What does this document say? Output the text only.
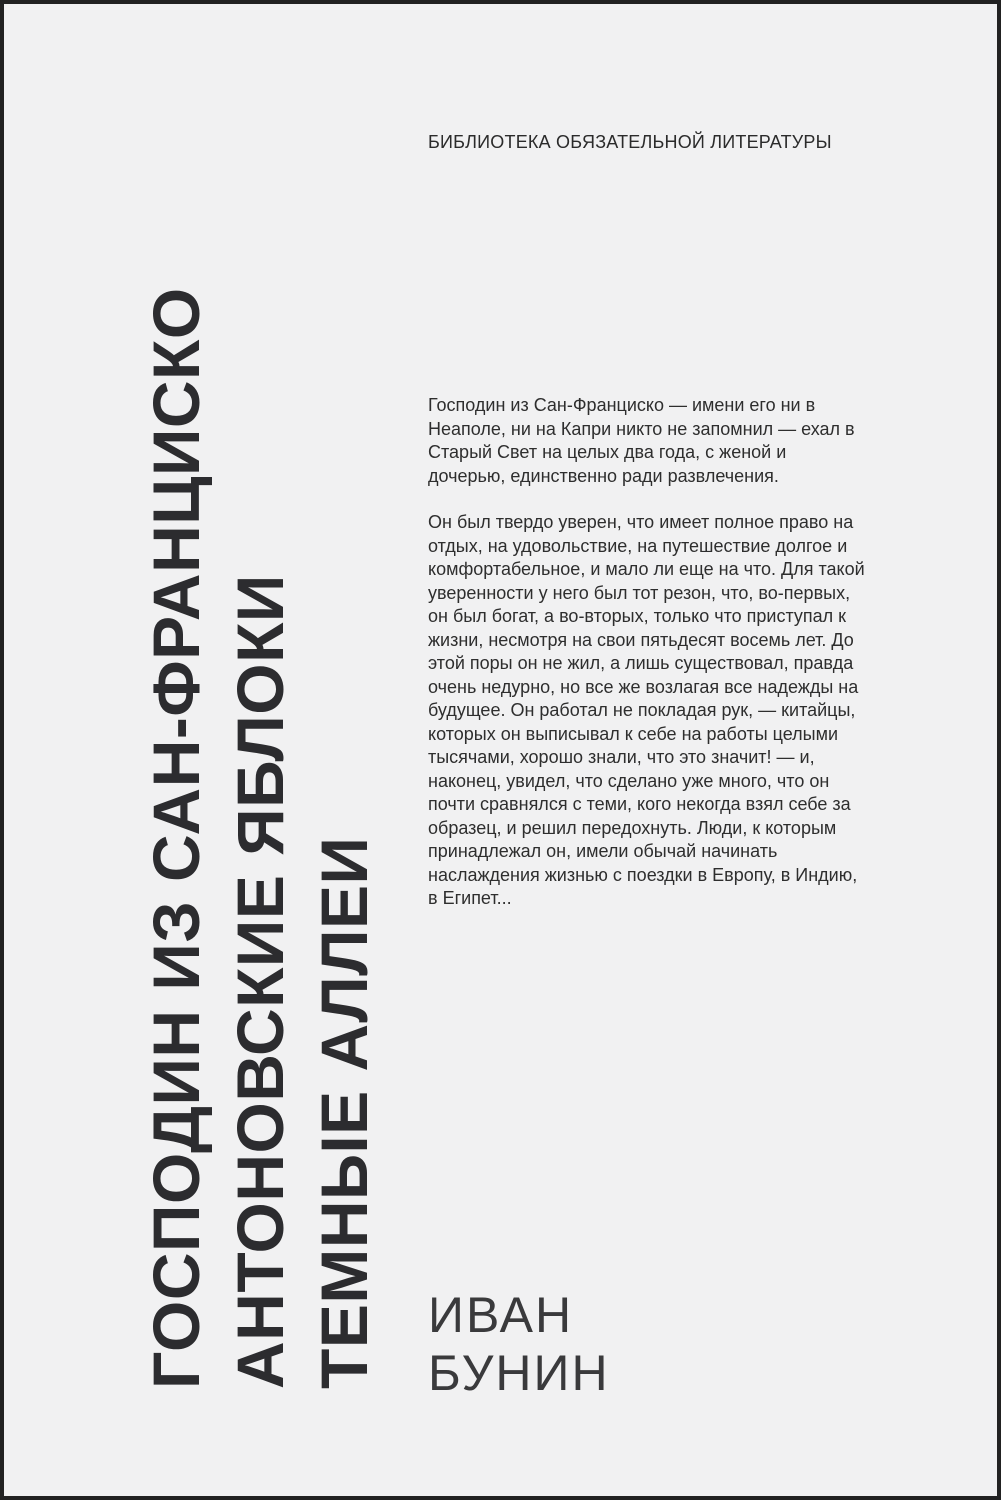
БИБЛИОТЕКА ОБЯЗАТЕЛЬНОЙ ЛИТЕРАТУРЫ
ГОСПОДИН ИЗ САН-ФРАНЦИСКО АНТОНОВСКИЕ ЯБЛОКИ ТЕМНЫЕ АЛЛЕИ

Господин из Сан-Франциско — имени его ни в Неаполе, ни на Капри никто не запомнил — ехал в Старый Свет на целых два года, с женой и дочерью, единственно ради развлечения.

Он был твердо уверен, что имеет полное право на отдых, на удовольствие, на путешествие долгое и комфортабельное, и мало ли еще на что. Для такой уверенности у него был тот резон, что, во-первых, он был богат, а во-вторых, только что приступал к жизни, несмотря на свои пятьдесят восемь лет. До этой поры он не жил, а лишь существовал, правда очень недурно, но все же возлагая все надежды на будущее. Он работал не покладая рук, — китайцы, которых он выписывал к себе на работы целыми тысячами, хорошо знали, что это значит! — и, наконец, увидел, что сделано уже много, что он почти сравнялся с теми, кого некогда взял себе за образец, и решил передохнуть. Люди, к которым принадлежал он, имели обычай начинать наслаждения жизнью с поездки в Европу, в Индию, в Египет...

ИВАН
БУНИН
